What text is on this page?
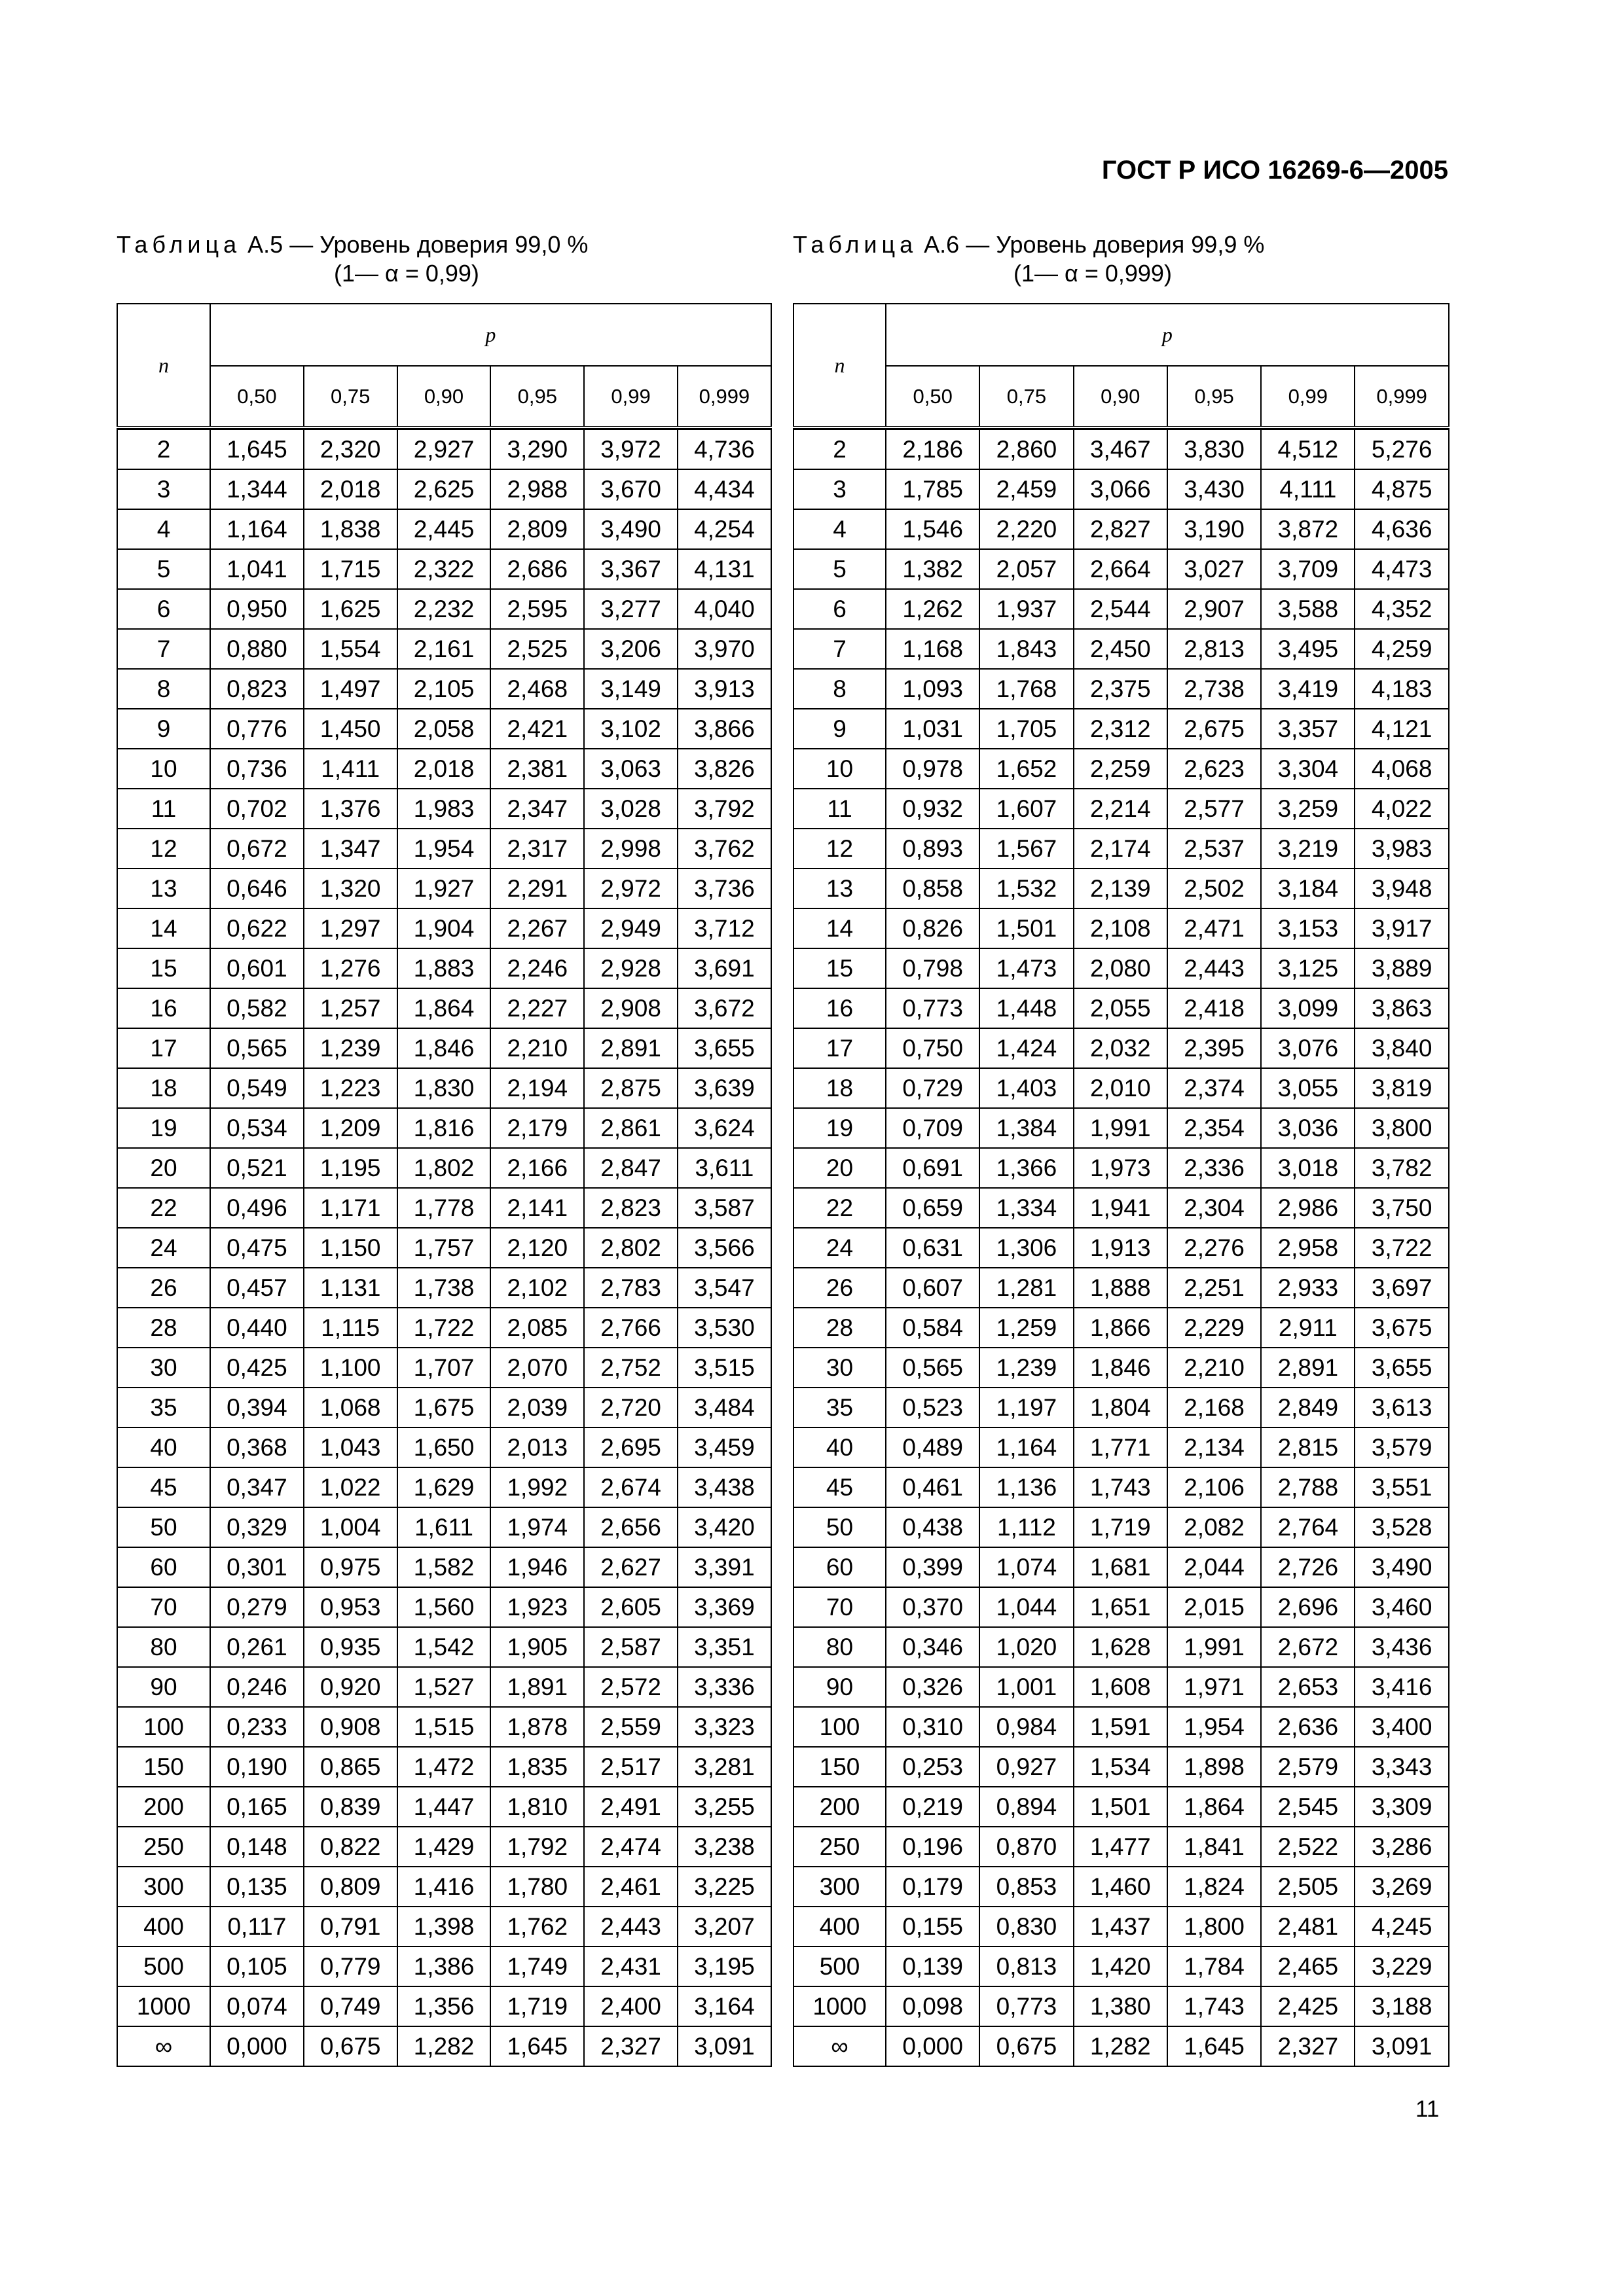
ГОСТ Р ИСО 16269-6—2005
Таблица А.5 — Уровень доверия 99,0 %
(1— α = 0,99)
Таблица А.6 — Уровень доверия 99,9 %
(1— α = 0,999)
n	p					
	0,50	0,75	0,90	0,95	0,99	0,999

2	1,645	2,320	2,927	3,290	3,972	4,736
3	1,344	2,018	2,625	2,988	3,670	4,434
4	1,164	1,838	2,445	2,809	3,490	4,254
5	1,041	1,715	2,322	2,686	3,367	4,131
6	0,950	1,625	2,232	2,595	3,277	4,040
7	0,880	1,554	2,161	2,525	3,206	3,970
8	0,823	1,497	2,105	2,468	3,149	3,913
9	0,776	1,450	2,058	2,421	3,102	3,866
10	0,736	1,411	2,018	2,381	3,063	3,826
11	0,702	1,376	1,983	2,347	3,028	3,792
12	0,672	1,347	1,954	2,317	2,998	3,762
13	0,646	1,320	1,927	2,291	2,972	3,736
14	0,622	1,297	1,904	2,267	2,949	3,712
15	0,601	1,276	1,883	2,246	2,928	3,691
16	0,582	1,257	1,864	2,227	2,908	3,672
17	0,565	1,239	1,846	2,210	2,891	3,655
18	0,549	1,223	1,830	2,194	2,875	3,639
19	0,534	1,209	1,816	2,179	2,861	3,624
20	0,521	1,195	1,802	2,166	2,847	3,611
22	0,496	1,171	1,778	2,141	2,823	3,587
24	0,475	1,150	1,757	2,120	2,802	3,566
26	0,457	1,131	1,738	2,102	2,783	3,547
28	0,440	1,115	1,722	2,085	2,766	3,530
30	0,425	1,100	1,707	2,070	2,752	3,515
35	0,394	1,068	1,675	2,039	2,720	3,484
40	0,368	1,043	1,650	2,013	2,695	3,459
45	0,347	1,022	1,629	1,992	2,674	3,438
50	0,329	1,004	1,611	1,974	2,656	3,420
60	0,301	0,975	1,582	1,946	2,627	3,391
70	0,279	0,953	1,560	1,923	2,605	3,369
80	0,261	0,935	1,542	1,905	2,587	3,351
90	0,246	0,920	1,527	1,891	2,572	3,336
100	0,233	0,908	1,515	1,878	2,559	3,323
150	0,190	0,865	1,472	1,835	2,517	3,281
200	0,165	0,839	1,447	1,810	2,491	3,255
250	0,148	0,822	1,429	1,792	2,474	3,238
300	0,135	0,809	1,416	1,780	2,461	3,225
400	0,117	0,791	1,398	1,762	2,443	3,207
500	0,105	0,779	1,386	1,749	2,431	3,195
1000	0,074	0,749	1,356	1,719	2,400	3,164
∞	0,000	0,675	1,282	1,645	2,327	3,091
n	p					
	0,50	0,75	0,90	0,95	0,99	0,999

2	2,186	2,860	3,467	3,830	4,512	5,276
3	1,785	2,459	3,066	3,430	4,111	4,875
4	1,546	2,220	2,827	3,190	3,872	4,636
5	1,382	2,057	2,664	3,027	3,709	4,473
6	1,262	1,937	2,544	2,907	3,588	4,352
7	1,168	1,843	2,450	2,813	3,495	4,259
8	1,093	1,768	2,375	2,738	3,419	4,183
9	1,031	1,705	2,312	2,675	3,357	4,121
10	0,978	1,652	2,259	2,623	3,304	4,068
11	0,932	1,607	2,214	2,577	3,259	4,022
12	0,893	1,567	2,174	2,537	3,219	3,983
13	0,858	1,532	2,139	2,502	3,184	3,948
14	0,826	1,501	2,108	2,471	3,153	3,917
15	0,798	1,473	2,080	2,443	3,125	3,889
16	0,773	1,448	2,055	2,418	3,099	3,863
17	0,750	1,424	2,032	2,395	3,076	3,840
18	0,729	1,403	2,010	2,374	3,055	3,819
19	0,709	1,384	1,991	2,354	3,036	3,800
20	0,691	1,366	1,973	2,336	3,018	3,782
22	0,659	1,334	1,941	2,304	2,986	3,750
24	0,631	1,306	1,913	2,276	2,958	3,722
26	0,607	1,281	1,888	2,251	2,933	3,697
28	0,584	1,259	1,866	2,229	2,911	3,675
30	0,565	1,239	1,846	2,210	2,891	3,655
35	0,523	1,197	1,804	2,168	2,849	3,613
40	0,489	1,164	1,771	2,134	2,815	3,579
45	0,461	1,136	1,743	2,106	2,788	3,551
50	0,438	1,112	1,719	2,082	2,764	3,528
60	0,399	1,074	1,681	2,044	2,726	3,490
70	0,370	1,044	1,651	2,015	2,696	3,460
80	0,346	1,020	1,628	1,991	2,672	3,436
90	0,326	1,001	1,608	1,971	2,653	3,416
100	0,310	0,984	1,591	1,954	2,636	3,400
150	0,253	0,927	1,534	1,898	2,579	3,343
200	0,219	0,894	1,501	1,864	2,545	3,309
250	0,196	0,870	1,477	1,841	2,522	3,286
300	0,179	0,853	1,460	1,824	2,505	3,269
400	0,155	0,830	1,437	1,800	2,481	4,245
500	0,139	0,813	1,420	1,784	2,465	3,229
1000	0,098	0,773	1,380	1,743	2,425	3,188
∞	0,000	0,675	1,282	1,645	2,327	3,091
11
